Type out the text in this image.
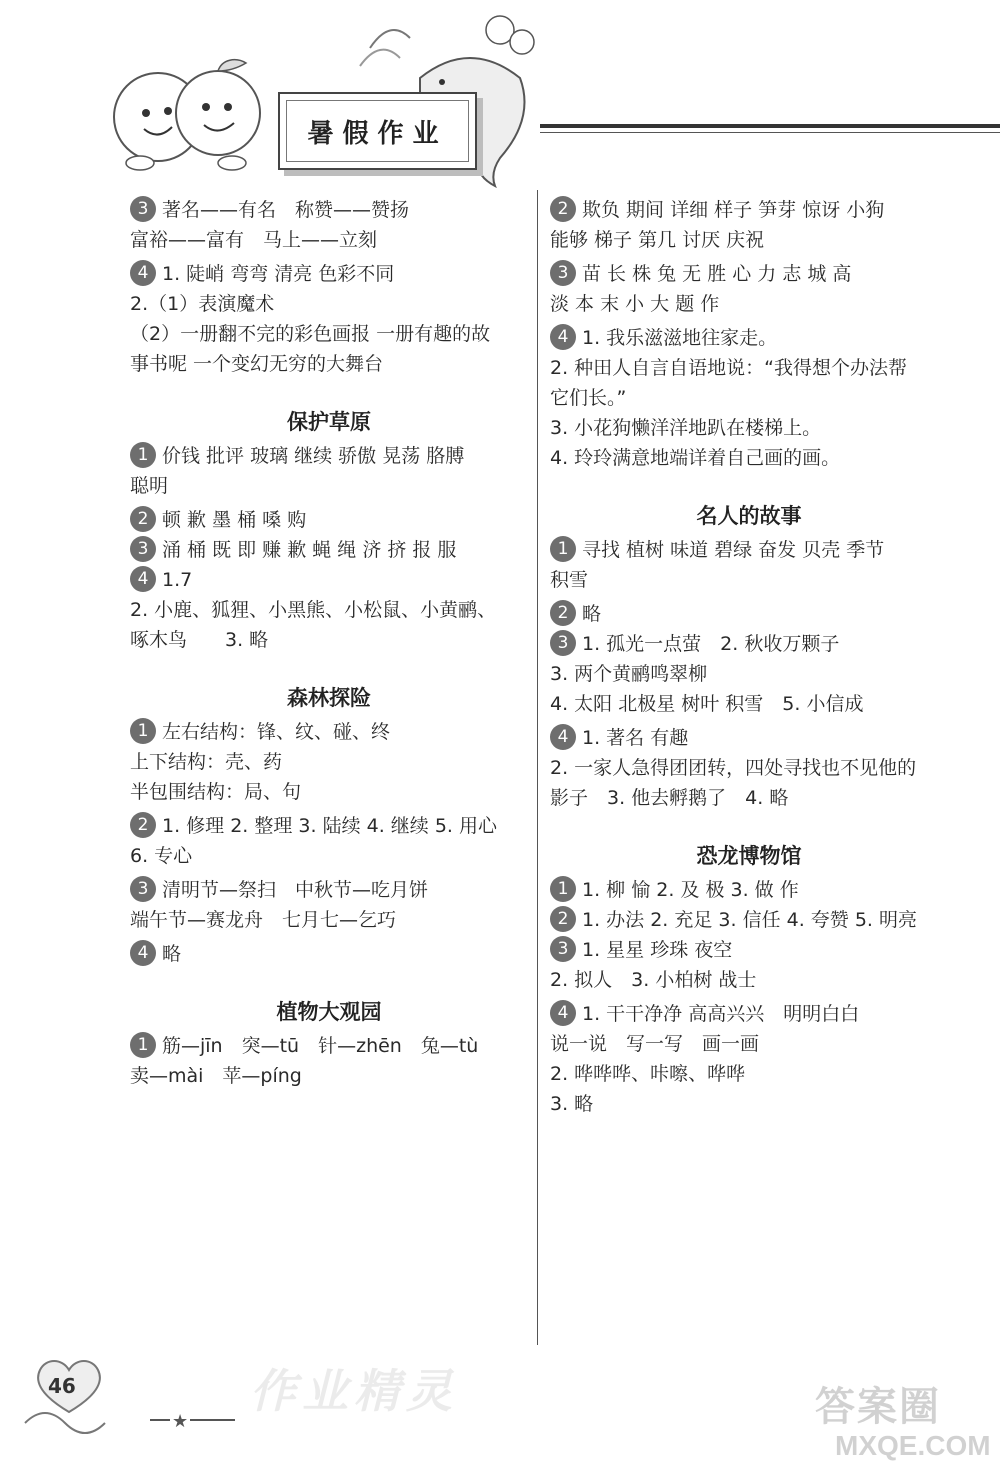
暑假作业
3 著名——有名　称赞——赞扬
富裕——富有　马上——立刻
4 1. 陡峭 弯弯 清亮 色彩不同
2.（1）表演魔术
（2）一册翻不完的彩色画报 一册有趣的故
事书呢 一个变幻无穷的大舞台
保护草原
1 价钱 批评 玻璃 继续 骄傲 晃荡 胳膊
聪明
2 顿 歉 墨 桶 嗓 购
3 涌 桶 既 即 赚 歉 蝇 绳 济 挤 报 服
4 1.7
2. 小鹿、狐狸、小黑熊、小松鼠、小黄鹂、
啄木鸟　　3. 略
森林探险
1 左右结构：锋、纹、碰、终
上下结构：壳、药
半包围结构：局、句
2 1. 修理 2. 整理 3. 陆续 4. 继续 5. 用心
6. 专心
3 清明节—祭扫　中秋节—吃月饼
端午节—赛龙舟　七月七—乞巧
4 略
植物大观园
1 筋—jīn　突—tū　针—zhēn　兔—tù
卖—mài　苹—píng
2 欺负 期间 详细 样子 笋芽 惊讶 小狗
能够 梯子 第几 讨厌 庆祝
3 苗 长 株 兔 无 胜 心 力 志 城 高
淡 本 末 小 大 题 作
4 1. 我乐滋滋地往家走。
2. 种田人自言自语地说：“我得想个办法帮
它们长。”
3. 小花狗懒洋洋地趴在楼梯上。
4. 玲玲满意地端详着自己画的画。
名人的故事
1 寻找 植树 味道 碧绿 奋发 贝壳 季节
积雪
2 略
3 1. 孤光一点萤　2. 秋收万颗子
3. 两个黄鹂鸣翠柳
4. 太阳 北极星 树叶 积雪　5. 小信成
4 1. 著名 有趣
2. 一家人急得团团转，四处寻找也不见他的
影子　3. 他去孵鹅了　4. 略
恐龙博物馆
1 1. 柳 愉 2. 及 极 3. 做 作
2 1. 办法 2. 充足 3. 信任 4. 夸赞 5. 明亮
3 1. 星星 珍珠 夜空
2. 拟人　3. 小柏树 战士
4 1. 干干净净 高高兴兴　明明白白
说一说　写一写　画一画
2. 哗哗哗、咔嚓、哗哗
3. 略
46
★
作业精灵	答案圈
MXQE.COM
